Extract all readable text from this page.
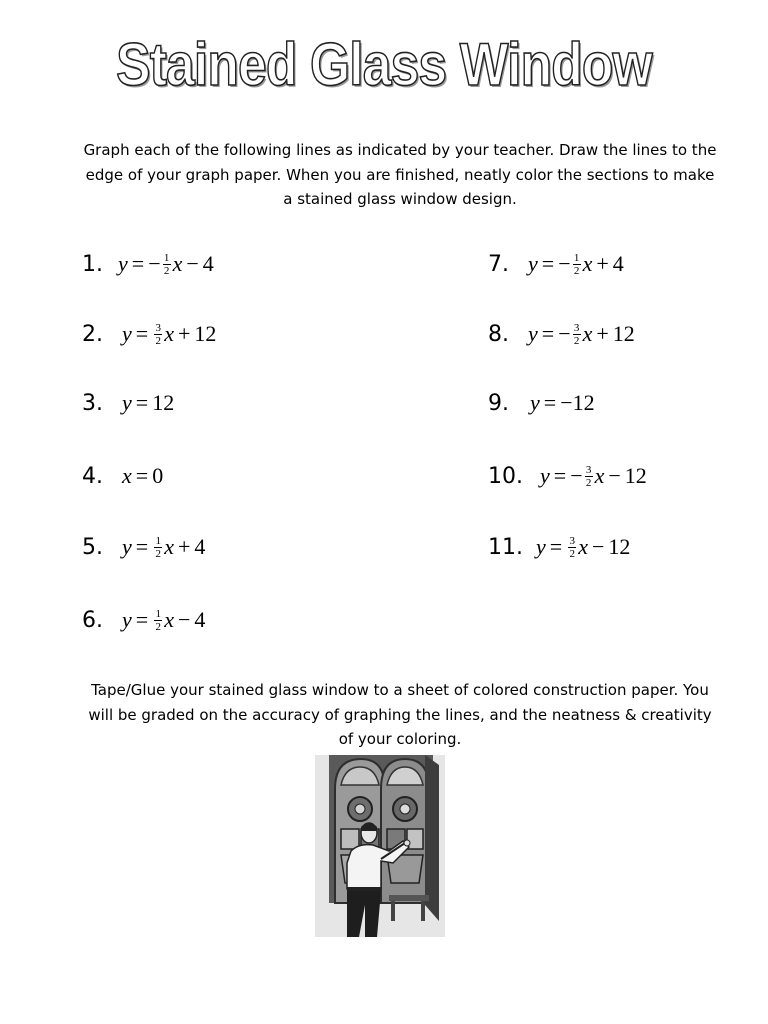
Stained Glass Window
Graph each of the following lines as indicated by your teacher. Draw the lines to the edge of your graph paper. When you are finished, neatly color the sections to make a stained glass window design.
1. y = − $\frac{1}{2}$ x − 4
2. $y = \frac{3}{2}$ x + 12
3. y = 12
4. x = 0
5. $y = \frac{1}{2}$ x + 4
6. $y = \frac{1}{2}$ x − 4
7. y = − $\frac{1}{2}$ x + 4
8. y = − $\frac{3}{2}$ x + 12
9. y = −12
10. y = − $\frac{3}{2}$ x − 12
11. $y = \frac{3}{2}$ x − 12
Tape/Glue your stained glass window to a sheet of colored construction paper. You will be graded on the accuracy of graphing the lines, and the neatness & creativity of your coloring.
